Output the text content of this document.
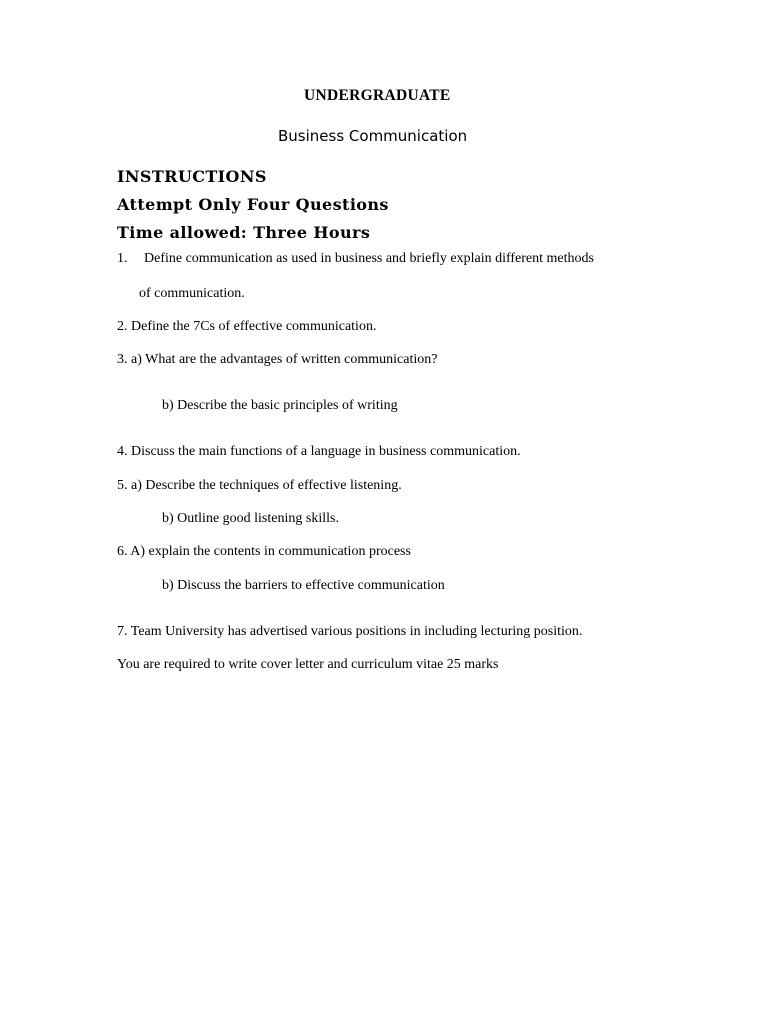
UNDERGRADUATE
Business Communication
INSTRUCTIONS
Attempt Only Four Questions
Time allowed: Three Hours
1. Define communication as used in business and briefly explain different methods
of communication.
2. Define the 7Cs of effective communication.
3. a) What are the advantages of written communication?
b) Describe the basic principles of writing
4. Discuss the main functions of a language in business communication.
5. a) Describe the techniques of effective listening.
b) Outline good listening skills.
6. A) explain the contents in communication process
b) Discuss the barriers to effective communication
7. Team University has advertised various positions in including lecturing position.
You are required to write cover letter and curriculum vitae 25 marks
